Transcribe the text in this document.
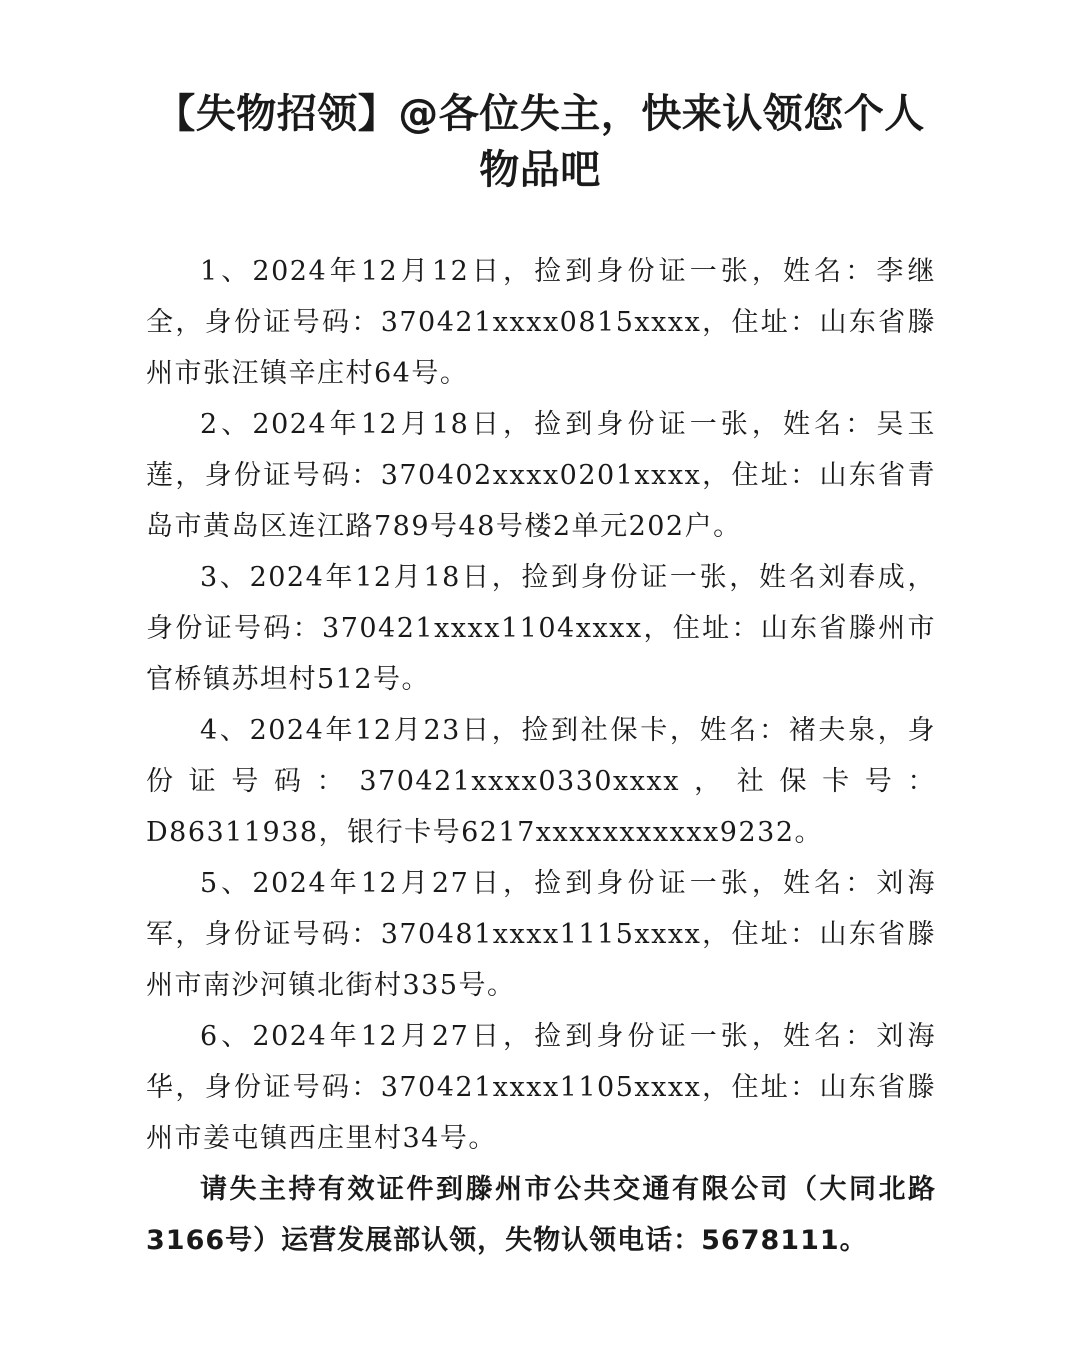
【失物招领】@各位失主，快来认领您个人物品吧

1、2024年12月12日，捡到身份证一张，姓名：李继全，身份证号码：370421xxxx0815xxxx，住址：山东省滕州市张汪镇辛庄村64号。

2、2024年12月18日，捡到身份证一张，姓名：吴玉莲，身份证号码：370402xxxx0201xxxx，住址：山东省青岛市黄岛区连江路789号48号楼2单元202户。

3、2024年12月18日，捡到身份证一张，姓名刘春成，身份证号码：370421xxxx1104xxxx，住址：山东省滕州市官桥镇苏坦村512号。

4、2024年12月23日，捡到社保卡，姓名：褚夫泉，身份证号码：370421xxxx0330xxxx，社保卡号：D86311938，银行卡号6217xxxxxxxxxxx9232。

5、2024年12月27日，捡到身份证一张，姓名：刘海军，身份证号码：370481xxxx1115xxxx，住址：山东省滕州市南沙河镇北街村335号。

6、2024年12月27日，捡到身份证一张，姓名：刘海华，身份证号码：370421xxxx1105xxxx，住址：山东省滕州市姜屯镇西庄里村34号。

请失主持有效证件到滕州市公共交通有限公司（大同北路3166号）运营发展部认领，失物认领电话：5678111。
